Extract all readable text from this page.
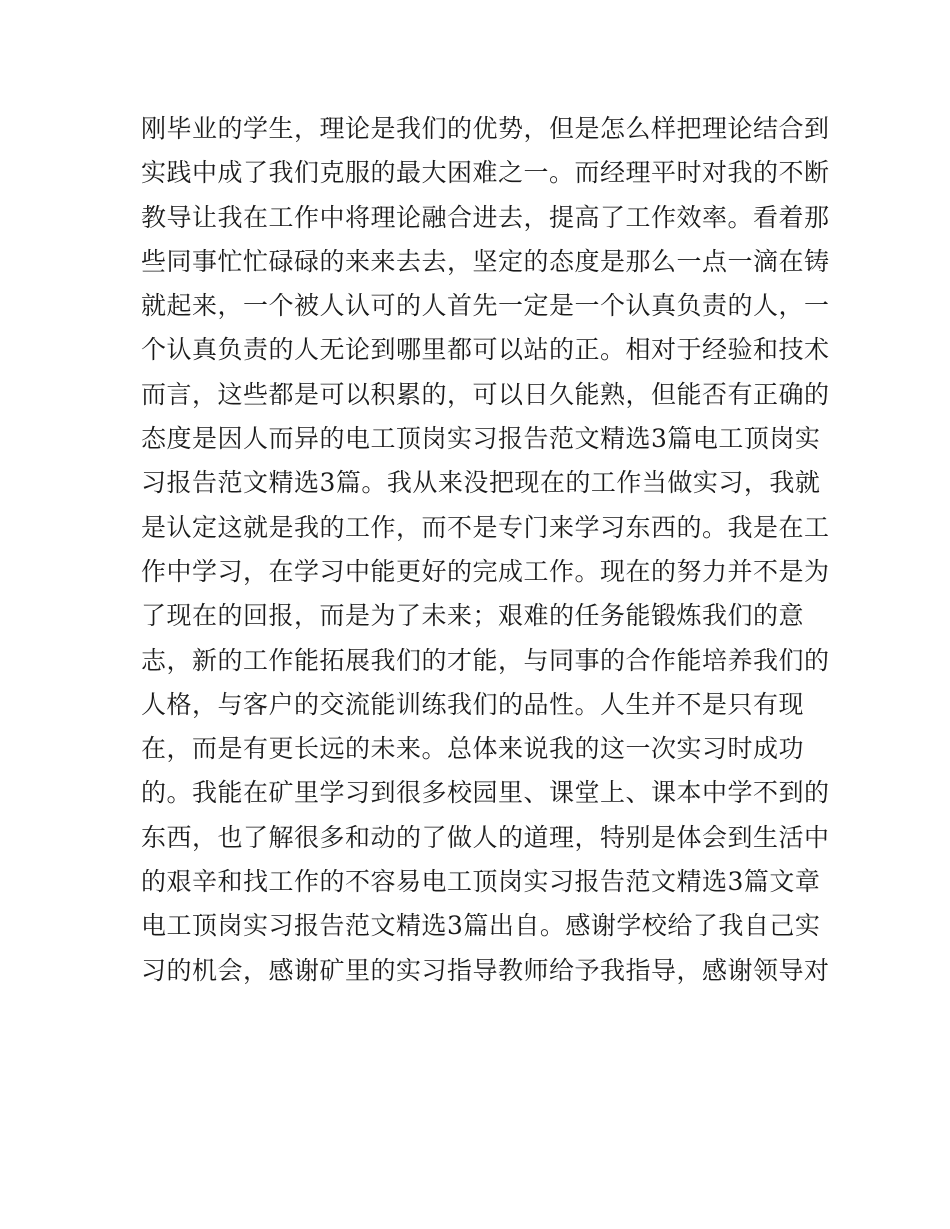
刚毕业的学生，理论是我们的优势，但是怎么样把理论结合到
实践中成了我们克服的最大困难之一。而经理平时对我的不断
教导让我在工作中将理论融合进去，提高了工作效率。看着那
些同事忙忙碌碌的来来去去，坚定的态度是那么一点一滴在铸
就起来，一个被人认可的人首先一定是一个认真负责的人，一
个认真负责的人无论到哪里都可以站的正。相对于经验和技术
而言，这些都是可以积累的，可以日久能熟，但能否有正确的
态度是因人而异的电工顶岗实习报告范文精选3篇电工顶岗实
习报告范文精选3篇。我从来没把现在的工作当做实习，我就
是认定这就是我的工作，而不是专门来学习东西的。我是在工
作中学习，在学习中能更好的完成工作。现在的努力并不是为
了现在的回报，而是为了未来；艰难的任务能锻炼我们的意
志，新的工作能拓展我们的才能，与同事的合作能培养我们的
人格，与客户的交流能训练我们的品性。人生并不是只有现
在，而是有更长远的未来。总体来说我的这一次实习时成功
的。我能在矿里学习到很多校园里、课堂上、课本中学不到的
东西，也了解很多和动的了做人的道理，特别是体会到生活中
的艰辛和找工作的不容易电工顶岗实习报告范文精选3篇文章
电工顶岗实习报告范文精选3篇出自。感谢学校给了我自己实
习的机会，感谢矿里的实习指导教师给予我指导，感谢领导对
